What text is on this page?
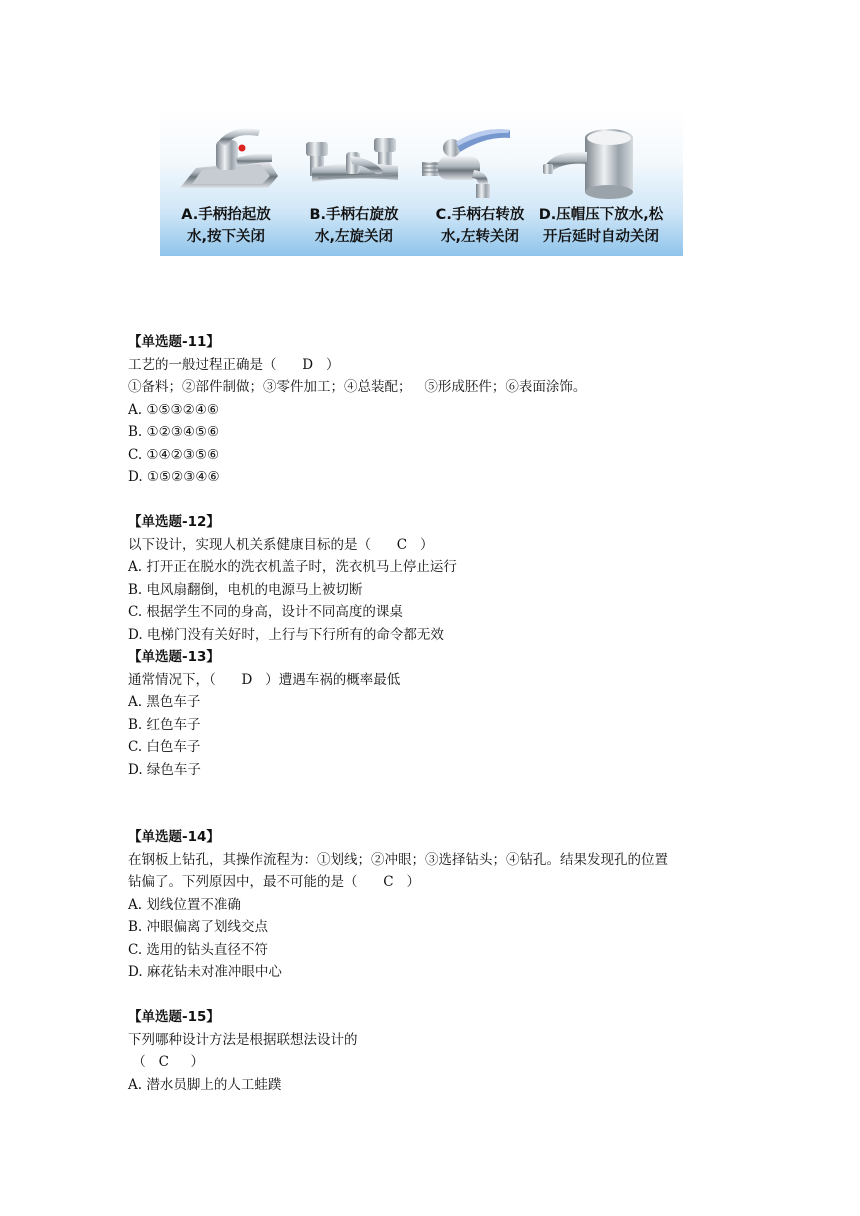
A.手柄抬起放
水,按下关闭
B.手柄右旋放
水,左旋关闭
C.手柄右转放
水,左转关闭
D.压帽压下放水,松
开后延时自动关闭
【单选题-11】
工艺的一般过程正确是（      D   ）
①备料；②部件制做；③零件加工；④总装配；   ⑤形成胚件；⑥表面涂饰。
A. ①⑤③②④⑥
B. ①②③④⑤⑥
C. ①④②③⑤⑥
D. ①⑤②③④⑥
【单选题-12】
以下设计，实现人机关系健康目标的是（      C   ）
A. 打开正在脱水的洗衣机盖子时，洗衣机马上停止运行
B. 电风扇翻倒，电机的电源马上被切断
C. 根据学生不同的身高，设计不同高度的课桌
D. 电梯门没有关好时，上行与下行所有的命令都无效
【单选题-13】
通常情况下，（      D   ）遭遇车祸的概率最低
A. 黑色车子
B. 红色车子
C. 白色车子
D. 绿色车子
【单选题-14】
在钢板上钻孔，其操作流程为：①划线；②冲眼；③选择钻头；④钻孔。结果发现孔的位置
钻偏了。下列原因中，最不可能的是（      C   ）
A. 划线位置不准确
B. 冲眼偏离了划线交点
C. 选用的钻头直径不符
D. 麻花钻未对准冲眼中心
【单选题-15】
下列哪种设计方法是根据联想法设计的
（   C     ）
A. 潜水员脚上的人工蛙蹼
